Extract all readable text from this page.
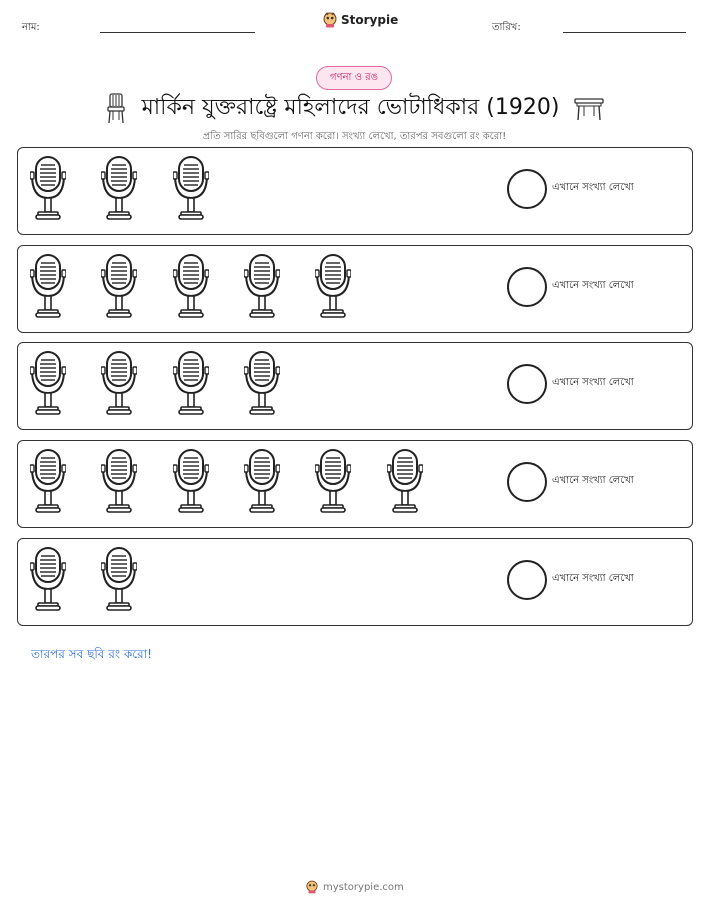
নাম:
Storypie
তারিখ:
গণনা ও রঙ
মার্কিন যুক্তরাষ্ট্রে মহিলাদের ভোটাধিকার (1920)
প্রতি সারির ছবিগুলো গণনা করো। সংখ্যা লেখো, তারপর সবগুলো রং করো!
এখানে সংখ্যা লেখো
এখানে সংখ্যা লেখো
এখানে সংখ্যা লেখো
এখানে সংখ্যা লেখো
এখানে সংখ্যা লেখো
তারপর সব ছবি রং করো!
mystorypie.com
